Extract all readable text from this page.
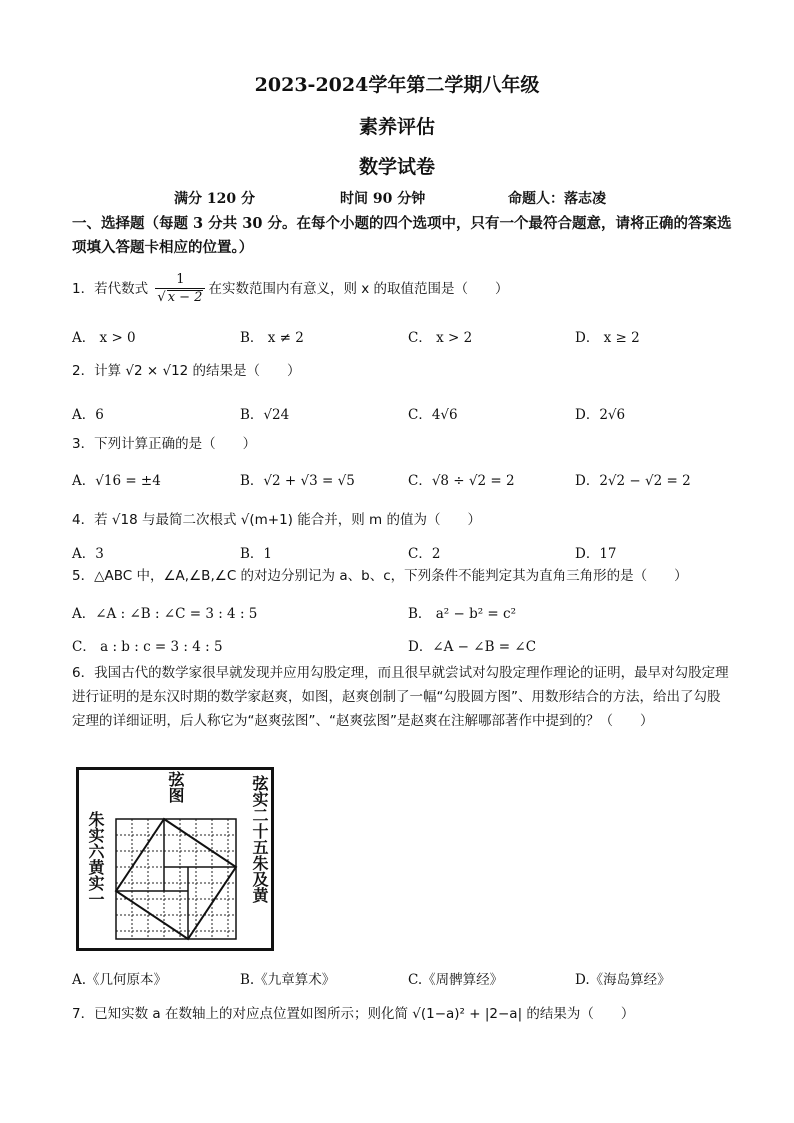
2023-2024学年第二学期八年级
素养评估
数学试卷
满分 120 分	时间 90 分钟	命题人：落志凌
一、选择题（每题 3 分共 30 分。在每个小题的四个选项中，只有一个最符合题意，请将正确的答案选项填入答题卡相应的位置。）
1．若代数式 $\frac{1}{√ x - 2}$ 在实数范围内有意义，则 x 的取值范围是（　　）
A． x > 0	B． x ≠ 2	C． x > 2	D． x ≥ 2
2．计算 √2 × √12 的结果是（　　）
A．6	B．√24	C．4√6	D．2√6
3．下列计算正确的是（　　）
A．√16 = ±4	B．√2 + √3 = √5	C．√8 ÷ √2 = 2	D．2√2 − √2 = 2
4．若 √18 与最简二次根式 √(m+1) 能合并，则 m 的值为（　　）
A．3	B．1	C．2	D．17
5．△ABC 中，∠A,∠B,∠C 的对边分别记为 a、b、c，下列条件不能判定其为直角三角形的是（　　）
A．∠A : ∠B : ∠C = 3 : 4 : 5	B． a² − b² = c²
C． a : b : c = 3 : 4 : 5	D．∠A − ∠B = ∠C
6．我国古代的数学家很早就发现并应用勾股定理，而且很早就尝试对勾股定理作理论的证明，最早对勾股定理进行证明的是东汉时期的数学家赵爽，如图，赵爽创制了一幅“勾股圆方图”、用数形结合的方法，给出了勾股定理的详细证明，后人称它为“赵爽弦图”、“赵爽弦图”是赵爽在注解哪部著作中提到的？（　　）
弦图	弦实二十五朱及黄
朱实六黄实一
A.《几何原本》	B.《九章算术》	C.《周髀算经》	D.《海岛算经》
7．已知实数 a 在数轴上的对应点位置如图所示；则化简 √(1−a)² + |2−a| 的结果为（　　）
